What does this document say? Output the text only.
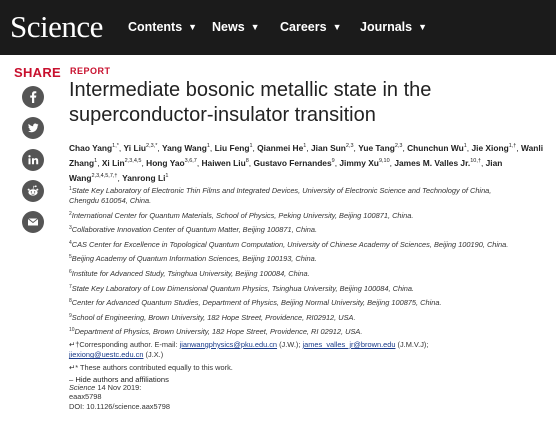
Science Contents ▼ News ▼ Careers ▼ Journals ▼
SHARE REPORT
Intermediate bosonic metallic state in the
superconductor-insulator transition
Chao Yang$^{1,*}$, Yi Liu$^{2,3,*}$, Yang Wang$^1$, Liu Feng$^1$, Qianmei He$^1$, Jian Sun$^{2,3}$, Yue Tang$^{2,3}$, Chunchun Wu$^1$, Jie Xiong$^{1,\dagger}$, Wanli Zhang$^1$, Xi Lin$^{2,3,4,5}$, Hong Yao$^{3,6,7}$, Haiwen Liu$^8$, Gustavo Fernandes$^9$, Jimmy Xu$^{9,10}$, James M. Valles Jr.$^{10,\dagger}$, Jian Wang$^{2,3,4,5,7,\dagger}$, Yanrong Li$^1$
$^1$State Key Laboratory of Electronic Thin Films and Integrated Devices, University of Electronic Science and Technology of China,
Chengdu 610054, China.
$^2$International Center for Quantum Materials, School of Physics, Peking University, Beijing 100871, China.
$^3$Collaborative Innovation Center of Quantum Matter, Beijing 100871, China.
$^4$CAS Center for Excellence in Topological Quantum Computation, University of Chinese Academy of Sciences, Beijing 100190, China.
$^5$Beijing Academy of Quantum Information Sciences, Beijing 100193, China.
$^6$Institute for Advanced Study, Tsinghua University, Beijing 100084, China.
$^7$State Key Laboratory of Low Dimensional Quantum Physics, Tsinghua University, Beijing 100084, China.
$^8$Center for Advanced Quantum Studies, Department of Physics, Beijing Normal University, Beijing 100875, China.
$^9$School of Engineering, Brown University, 182 Hope Street, Providence, RI02912, USA.
$^{10}$Department of Physics, Brown University, 182 Hope Street, Providence, RI 02912, USA.
↵†Corresponding author. E-mail: jianwangphysics@pku.edu.cn (J.W.); james_valles_jr@brown.edu (J.M.V.J);
jiexiong@uestc.edu.cn (J.X.)
↵* These authors contributed equally to this work.
– Hide authors and affiliations
Science 14 Nov 2019:
eaax5798
DOI: 10.1126/science.aax5798
